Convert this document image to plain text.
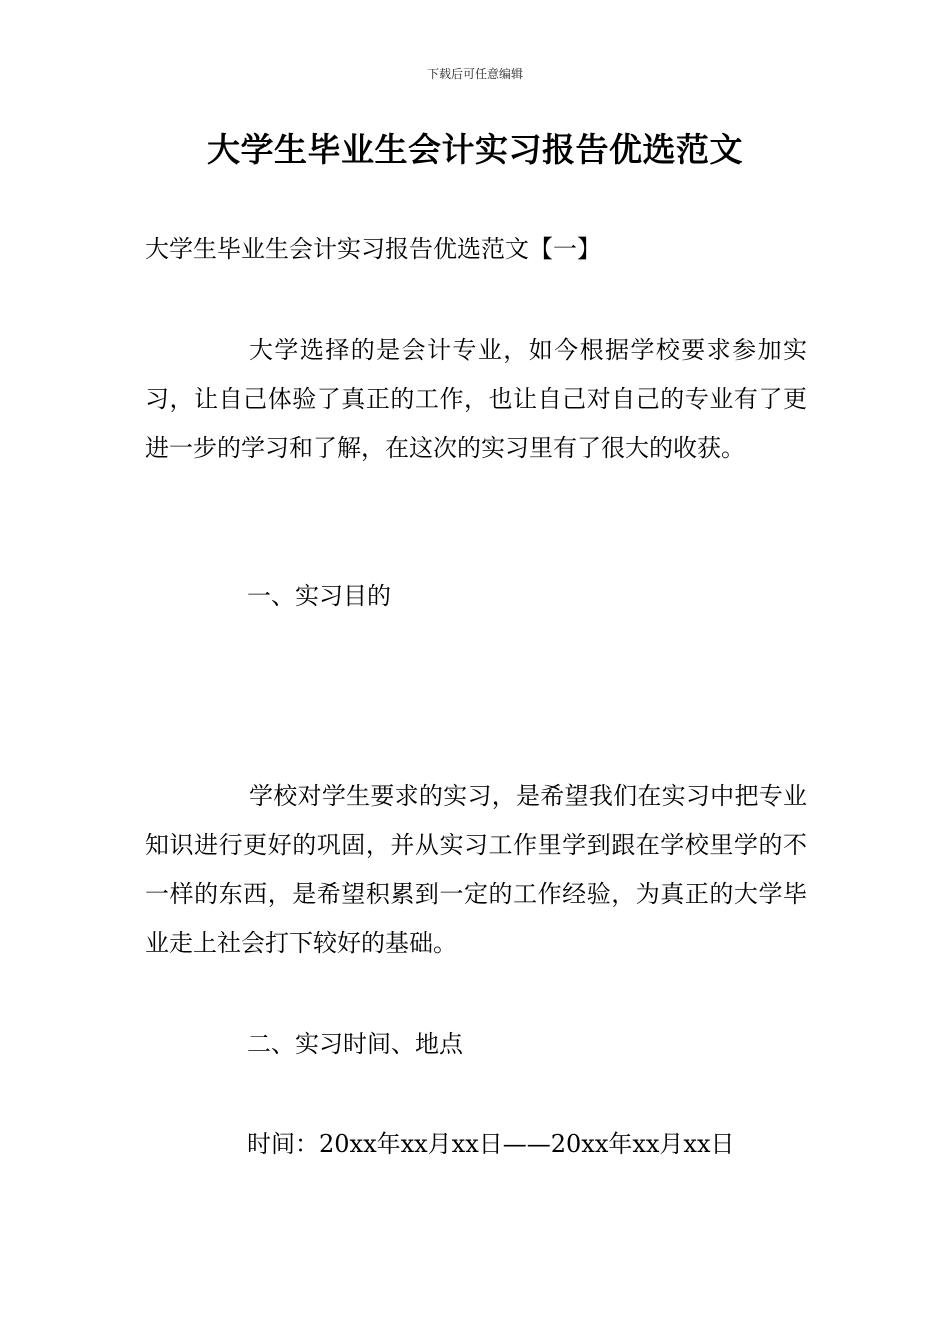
下载后可任意编辑
大学生毕业生会计实习报告优选范文
大学生毕业生会计实习报告优选范文【一】

大学选择的是会计专业，如今根据学校要求参加实习，让自己体验了真正的工作，也让自己对自己的专业有了更进一步的学习和了解，在这次的实习里有了很大的收获。

一、实习目的

学校对学生要求的实习，是希望我们在实习中把专业知识进行更好的巩固，并从实习工作里学到跟在学校里学的不一样的东西，是希望积累到一定的工作经验，为真正的大学毕业走上社会打下较好的基础。

二、实习时间、地点
时间：20xx年xx月xx日——20xx年xx月xx日
